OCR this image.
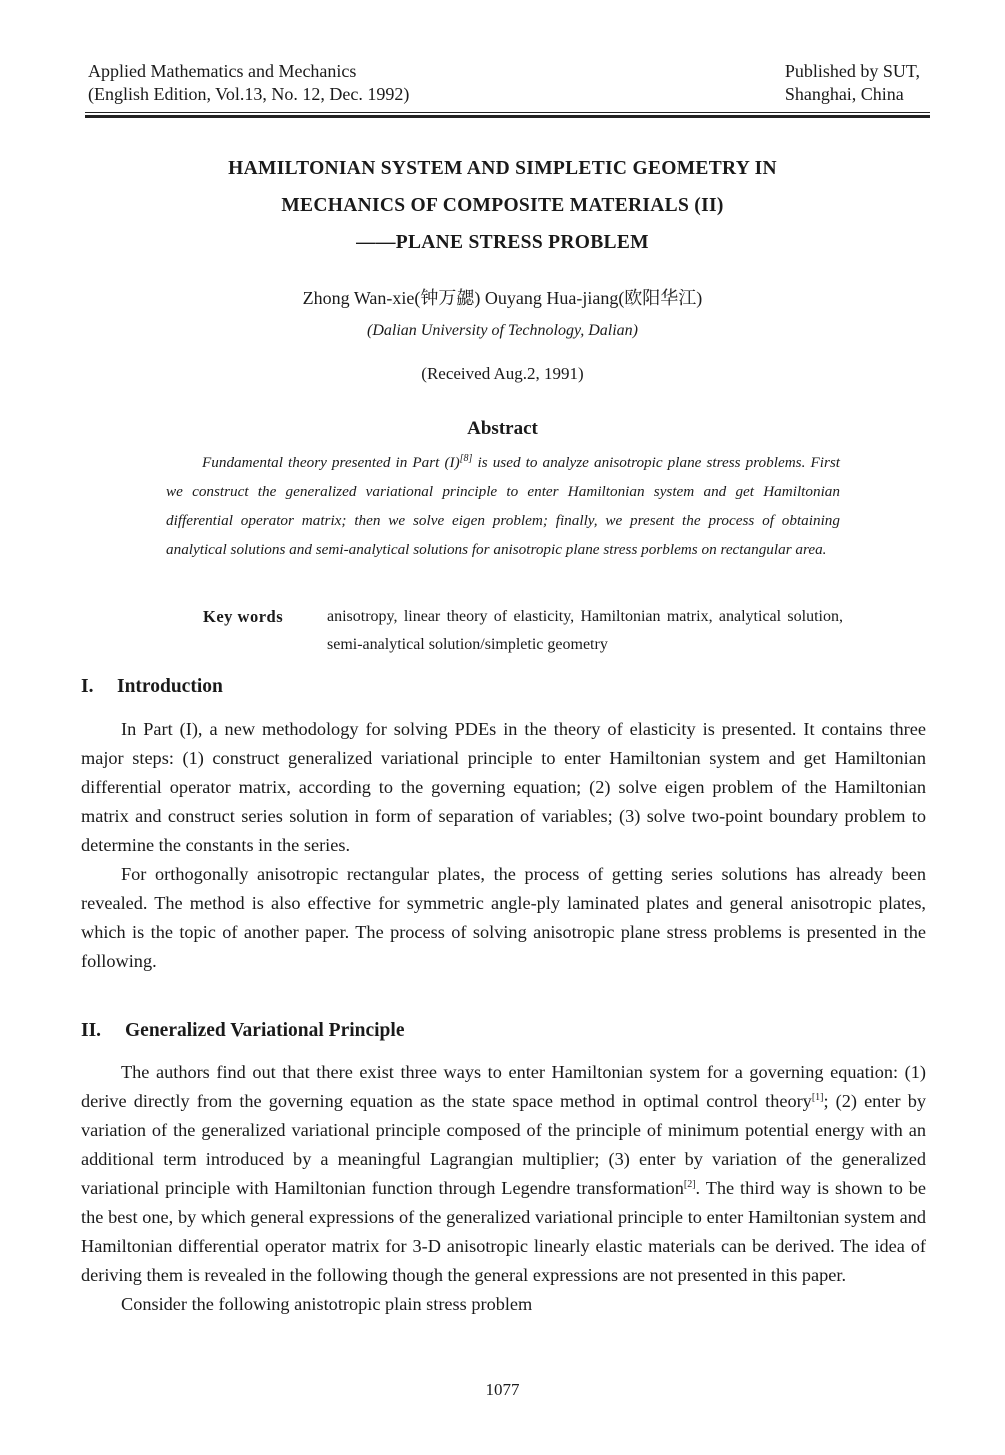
Applied Mathematics and Mechanics
(English Edition, Vol.13, No. 12, Dec. 1992)
Published by SUT,
Shanghai, China
HAMILTONIAN SYSTEM AND SIMPLETIC GEOMETRY IN
MECHANICS OF COMPOSITE MATERIALS (II)
——PLANE STRESS PROBLEM
Zhong Wan-xie(钟万勰) Ouyang Hua-jiang(欧阳华江)
(Dalian University of Technology, Dalian)
(Received Aug.2, 1991)
Abstract

Fundamental theory presented in Part (I)[8] is used to analyze anisotropic plane stress problems. First we construct the generalized variational principle to enter Hamiltonian system and get Hamiltonian differential operator matrix; then we solve eigen problem; finally, we present the process of obtaining analytical solutions and semi-analytical solutions for anisotropic plane stress porblems on rectangular area.

Key words	anisotropy, linear theory of elasticity, Hamiltonian matrix, analytical solution, semi-analytical solution/simpletic geometry
I. Introduction

In Part (I), a new methodology for solving PDEs in the theory of elasticity is presented. It contains three major steps: (1) construct generalized variational principle to enter Hamiltonian system and get Hamiltonian differential operator matrix, according to the governing equation; (2) solve eigen problem of the Hamiltonian matrix and construct series solution in form of separation of variables; (3) solve two-point boundary problem to determine the constants in the series.

For orthogonally anisotropic rectangular plates, the process of getting series solutions has already been revealed. The method is also effective for symmetric angle-ply laminated plates and general anisotropic plates, which is the topic of another paper. The process of solving anisotropic plane stress problems is presented in the following.

II. Generalized Variational Principle

The authors find out that there exist three ways to enter Hamiltonian system for a governing equation: (1) derive directly from the governing equation as the state space method in optimal control theory[1]; (2) enter by variation of the generalized variational principle composed of the principle of minimum potential energy with an additional term introduced by a meaningful Lagrangian multiplier; (3) enter by variation of the generalized variational principle with Hamiltonian function through Legendre transformation[2]. The third way is shown to be the best one, by which general expressions of the generalized variational principle to enter Hamiltonian system and Hamiltonian differential operator matrix for 3-D anisotropic linearly elastic materials can be derived. The idea of deriving them is revealed in the following though the general expressions are not presented in this paper.

Consider the following anistotropic plain stress problem

1077
